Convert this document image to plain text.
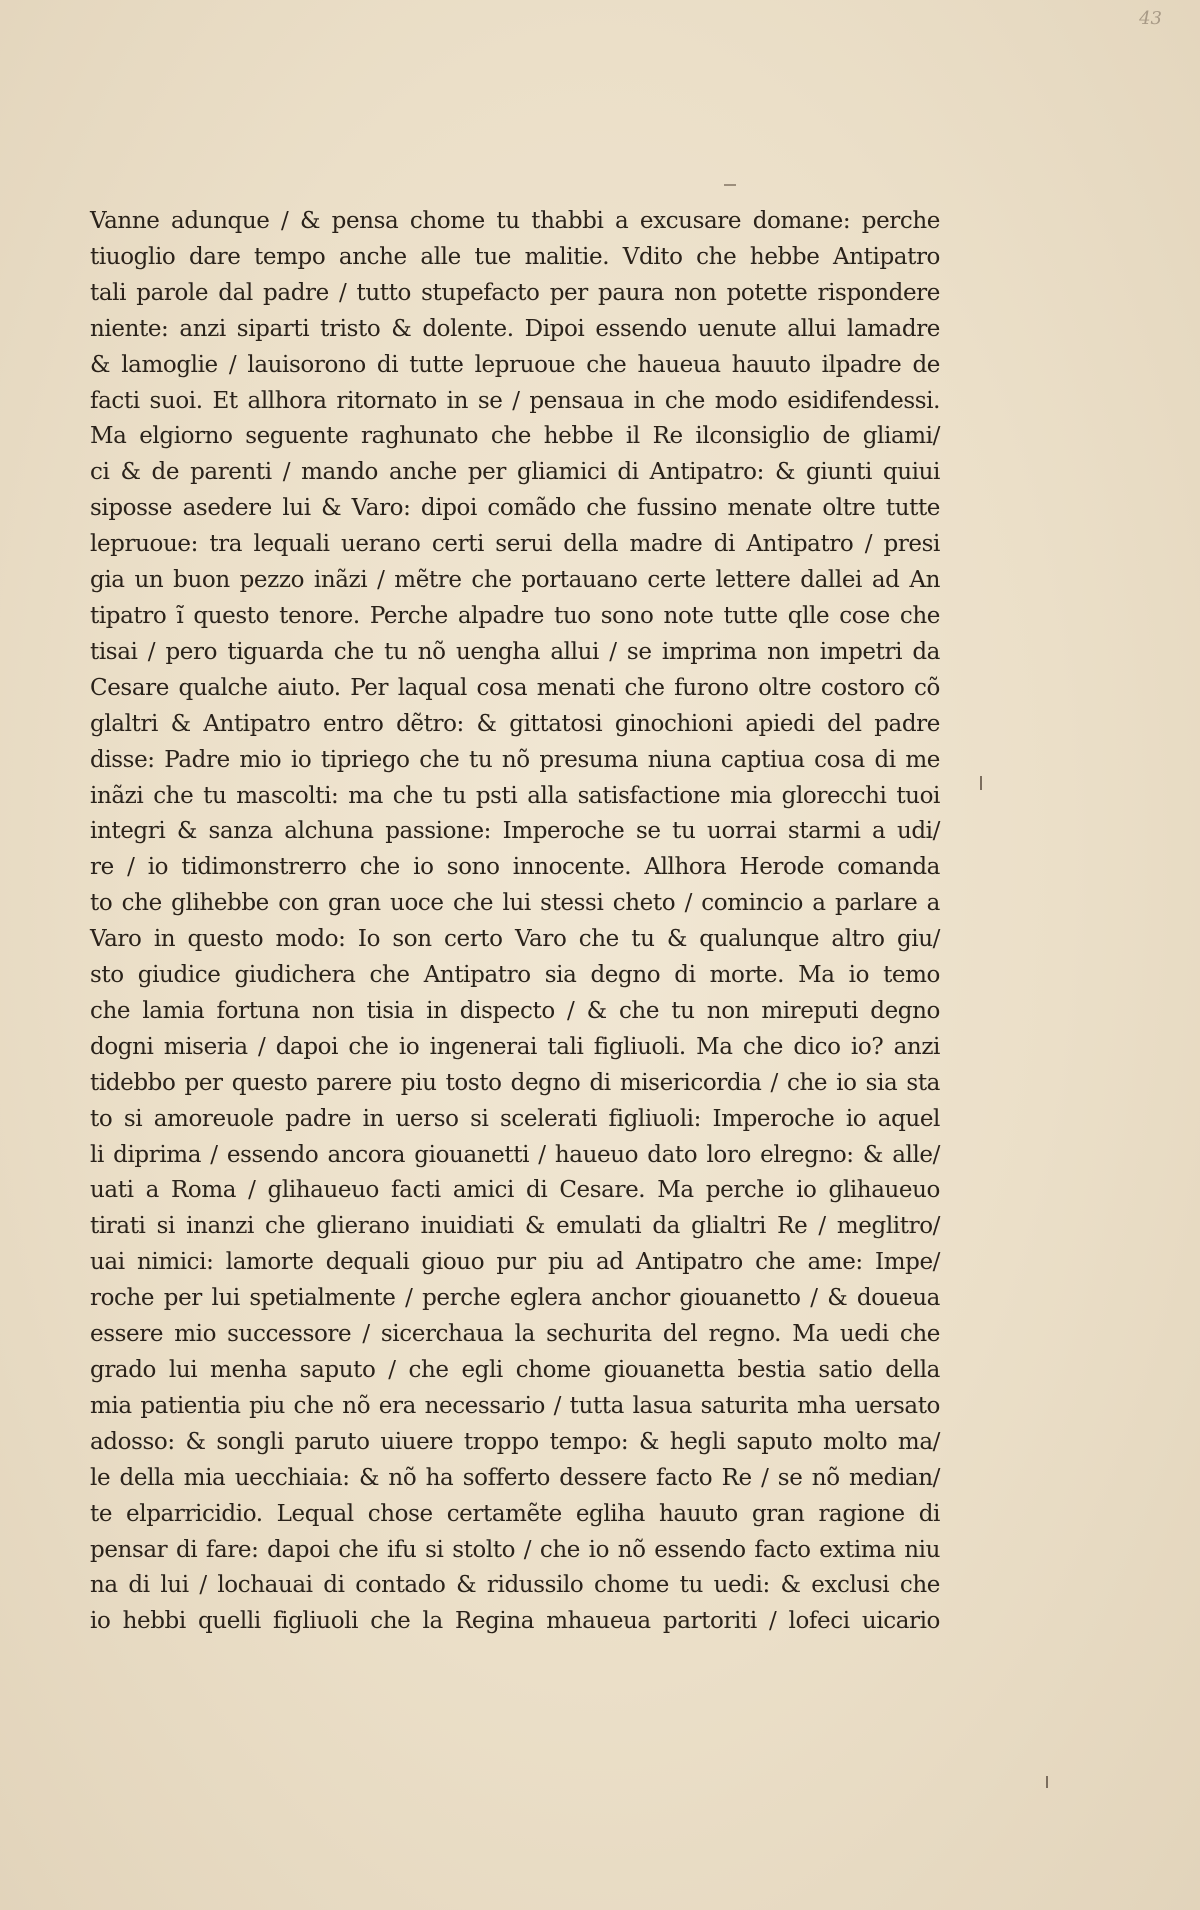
43
Vanne adunque / & pensa chome tu thabbi a excusare domane: perche
tiuoglio dare tempo anche alle tue malitie. Vdito che hebbe Antipatro
tali parole dal padre / tutto stupefacto per paura non potette rispondere
niente: anzi siparti tristo & dolente. Dipoi essendo uenute allui lamadre
& lamoglie / lauisorono di tutte lepruoue che haueua hauuto ilpadre de
facti suoi. Et allhora ritornato in se / pensaua in che modo esidifendessi.
Ma elgiorno seguente raghunato che hebbe il Re ilconsiglio de gliami/
ci & de parenti / mando anche per gliamici di Antipatro: & giunti quiui
siposse asedere lui & Varo: dipoi comãdo che fussino menate oltre tutte
lepruoue: tra lequali uerano certi serui della madre di Antipatro / presi
gia un buon pezzo inãzi / mẽtre che portauano certe lettere dallei ad An
tipatro ĩ questo tenore. Perche alpadre tuo sono note tutte qlle cose che
tisai / pero tiguarda che tu nõ uengha allui / se imprima non impetri da
Cesare qualche aiuto. Per laqual cosa menati che furono oltre costoro cõ
glaltri & Antipatro entro dẽtro: & gittatosi ginochioni apiedi del padre
disse: Padre mio io tipriego che tu nõ presuma niuna captiua cosa di me
inãzi che tu mascolti: ma che tu psti alla satisfactione mia glorecchi tuoi
integri & sanza alchuna passione: Imperoche se tu uorrai starmi a udi/
re / io tidimonstrerro che io sono innocente. Allhora Herode comanda
to che glihebbe con gran uoce che lui stessi cheto / comincio a parlare a
Varo in questo modo: Io son certo Varo che tu & qualunque altro giu/
sto giudice giudichera che Antipatro sia degno di morte. Ma io temo
che lamia fortuna non tisia in dispecto / & che tu non mireputi degno
dogni miseria / dapoi che io ingenerai tali figliuoli. Ma che dico io? anzi
tidebbo per questo parere piu tosto degno di misericordia / che io sia sta
to si amoreuole padre in uerso si scelerati figliuoli: Imperoche io aquel
li diprima / essendo ancora giouanetti / haueuo dato loro elregno: & alle/
uati a Roma / glihaueuo facti amici di Cesare. Ma perche io glihaueuo
tirati si inanzi che glierano inuidiati & emulati da glialtri Re / meglitro/
uai nimici: lamorte dequali giouo pur piu ad Antipatro che ame: Impe/
roche per lui spetialmente / perche eglera anchor giouanetto / & doueua
essere mio successore / sicerchaua la sechurita del regno. Ma uedi che
grado lui menha saputo / che egli chome giouanetta bestia satio della
mia patientia piu che nõ era necessario / tutta lasua saturita mha uersato
adosso: & songli paruto uiuere troppo tempo: & hegli saputo molto ma/
le della mia uecchiaia: & nõ ha sofferto dessere facto Re / se nõ median/
te elparricidio. Lequal chose certamẽte egliha hauuto gran ragione di
pensar di fare: dapoi che ifu si stolto / che io nõ essendo facto extima niu
na di lui / lochauai di contado & ridussilo chome tu uedi: & exclusi che
io hebbi quelli figliuoli che la Regina mhaueua partoriti / lofeci uicario
